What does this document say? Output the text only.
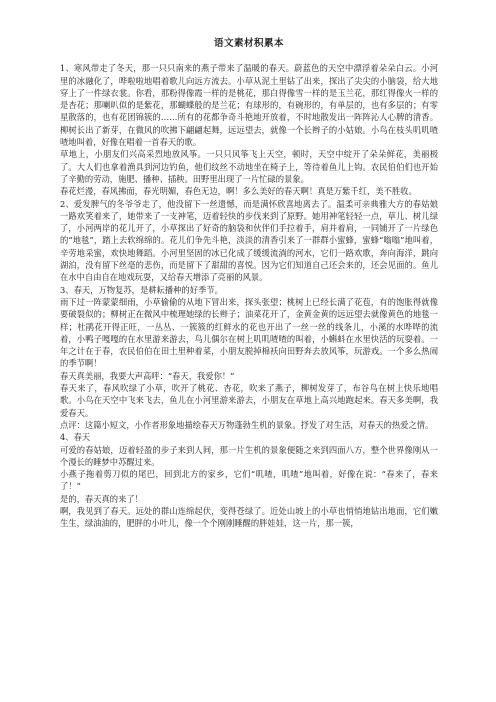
语文素材积累本

1、寒风带走了冬天，那一只只南来的燕子带来了温暖的春天。蔚蓝色的天空中漂浮着朵朵白云。小河里的冰融化了，哗啦啦地唱着歌儿向远方流去。小草从泥土里钻了出来，探出了尖尖的小脑袋，给大地穿上了一件绿衣裳。你看，那粉得像霞一样的是桃花，那白得像雪一样的是玉兰花，那红得像火一样的是杏花；那喇叭似的是紫花，那蝴蝶般的是兰花；有球形的，有碗形的，有单层的，也有多层的；有零星散落的，也有花团锦簇的……所有的花都争奇斗艳地开放着，不时地散发出一阵阵沁人心脾的清香。柳树长出了新芽，在微风的吹拂下翩翩起舞，远远望去，就像一个长辫子的小姑娘。小鸟在枝头叽叽喳喳地叫着，好像在唱着一首春天的歌。

草地上，小朋友们兴高采烈地放风筝。一只只风筝飞上天空，顿时，天空中绽开了朵朵鲜花，美丽极了。大人们也拿着渔具到河边钓鱼，他们纹丝不动地坐在椅子上，等待着鱼儿上钩。农民伯伯们也开始了辛勤的劳动，施肥、播种、插秧。田野里出现了一片忙碌的景象。

春花烂漫，春风拂面，春光明媚，春色无边，啊！多么美好的春天啊！真是万紫千红，美不胜收。

2、爱发脾气的冬爷爷走了，他没留下一丝遗憾，而是满怀欣喜地离去了。温柔可亲典雅大方的春姑娘一路欢笑着来了，她带来了一支神笔，迈着轻快的步伐来到了原野。她用神笔轻轻一点，草儿、树儿绿了，小河两岸的花儿开了，小草探出了好奇的脑袋和伙伴们手拉着手，肩并着肩，一同铺开了一片绿色的“地毯”，踏上去软绵绵的。花儿们争先斗艳，淡淡的清香引来了一群群小蜜蜂，蜜蜂“嗡嗡”地叫着，辛劳地采蜜，欢快地舞蹈。小河里坚固的冰已化成了缓缓流淌的河水，它们一路欢歌，奔向海洋，跳向湖泊，没有留下丝毫的悲伤，而是留下了甜甜的喜悦。因为它们知道自己还会来的，还会见面的。鱼儿在水中自由自在地戏玩耍，又给春天增添了亮丽的风景。

3、春天，万物复苏，是耕耘播种的好季节。

雨下过一阵蒙蒙细雨，小草偷偷的从地下冒出来，探头张望；桃树上已经长满了花苞，有的饱胀得就像要破裂似的；柳树正在微风中梳理她绿的长辫子；油菜花开了，金黄金黄的远远望去就像黄色的地毯一样；杜鹃花开得正旺，一丛丛、一簇簇的红鲜水的花也开出了一丝一丝的线条儿，小溪的水哗哗的流着，小鸭子嘎嘎的在水里游来游去，鸟儿偶尔在树上叽叽喳喳的叫着，小蝌蚪在水里快活的玩耍着。一年之计在于春，农民伯伯在田土里种着菜，小朋友脱掉棉袄向田野奔去放风筝，玩游戏。一个多么热闹的季节啊！

春天真美丽，我要大声高呼：“春天，我爱你！”

春天来了，春风吹绿了小草，吹开了桃花、杏花，吹来了燕子，柳树发芽了，布谷鸟在树上快乐地唱歌。小鸟在天空中飞来飞去，鱼儿在小河里游来游去，小朋友在草地上高兴地跑起来。春天多美啊，我爱春天。

点评：这篇小短文，小作者形象地描绘春天万物蓬勃生机的景象。抒发了对生活，对春天的热爱之情。

4、春天

可爱的春姑娘，迈着轻盈的步子来到人间，那一片生机的景象便随之来到四面八方，整个世界像刚从一个漫长的睡梦中苏醒过来。

小燕子拖着剪刀似的尾巴，回到北方的家乡，它们“叽喳，叽喳”地叫着，好像在说：“春来了，春来了！”

是的，春天真的来了！

啊，我见到了春天。远处的群山连绵起伏，变得苍绿了。近处山坡上的小草也悄悄地钻出地面，它们嫩生生，绿油油的，肥胖的小叶儿，像一个个刚刚睡醒的胖娃娃，这一片，那一簇，
